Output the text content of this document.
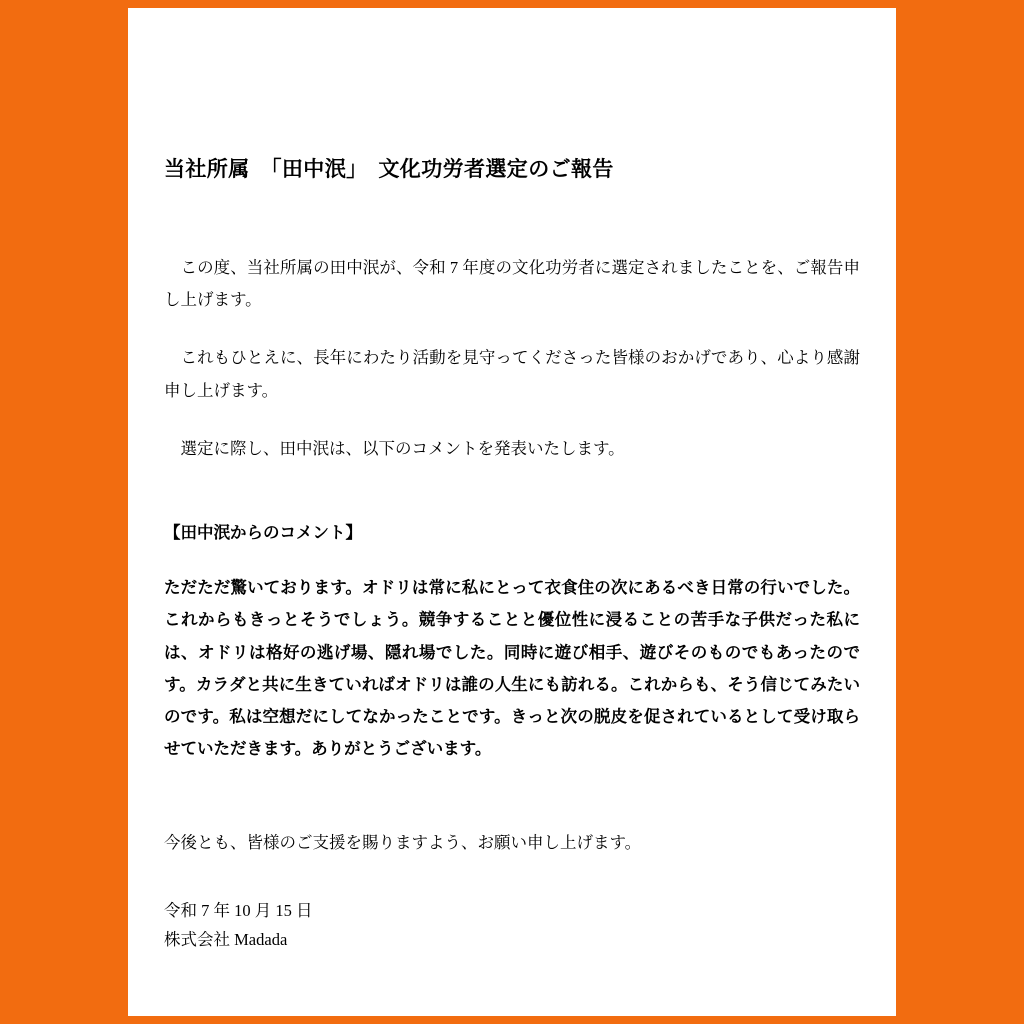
当社所属　「田中泯」　文化功労者選定のご報告

この度、当社所属の田中泯が、令和 7 年度の文化功労者に選定されましたことを、ご報告申し上げます。

これもひとえに、長年にわたり活動を見守ってくださった皆様のおかげであり、心より感謝申し上げます。

選定に際し、田中泯は、以下のコメントを発表いたします。

【田中泯からのコメント】

ただただ驚いております。オドリは常に私にとって衣食住の次にあるべき日常の行いでした。これからもきっとそうでしょう。競争することと優位性に浸ることの苦手な子供だった私には、オドリは格好の逃げ場、隠れ場でした。同時に遊び相手、遊びそのものでもあったのです。カラダと共に生きていればオドリは誰の人生にも訪れる。これからも、そう信じてみたいのです。私は空想だにしてなかったことです。きっと次の脱皮を促されているとして受け取らせていただきます。ありがとうございます。

今後とも、皆様のご支援を賜りますよう、お願い申し上げます。

令和 7 年 10 月 15 日
株式会社 Madada
